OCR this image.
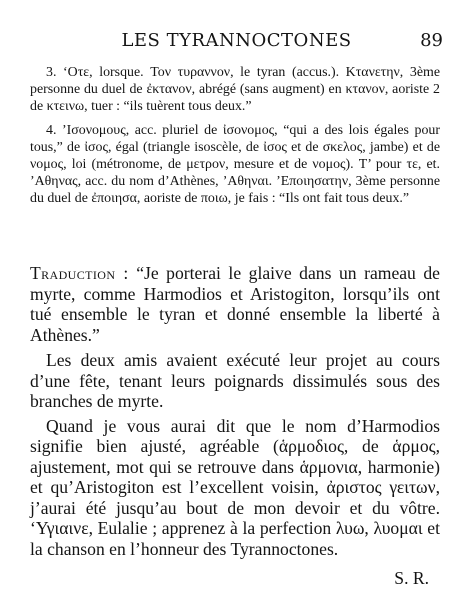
LES TYRANNOCTONES	89

3. ‘Οτε, lorsque. Τον τυραννον, le tyran (accus.). Κτανετην, 3ème personne du duel de ἐκτανον, abrégé (sans augment) en κτανον, aoriste 2 de κτεινω, tuer : “ils tuèrent tous deux.”

4. ’Ισονομους, acc. pluriel de ἰσονομος, “qui a des lois égales pour tous,” de ἰσος, égal (triangle isoscèle, de ἰσος et de σκελος, jambe) et de νομος, loi (métronome, de μετρον, mesure et de νομος). Τ’ pour τε, et. ’Αθηνας, acc. du nom d’Athènes, ’Αθηναι. ’Εποιησατην, 3ème personne du duel de ἐποιησα, aoriste de ποιω, je fais : “Ils ont fait tous deux.”

Traduction : “Je porterai le glaive dans un rameau de myrte, comme Harmodios et Aristogiton, lorsqu’ils ont tué ensemble le tyran et donné ensemble la liberté à Athènes.”

Les deux amis avaient exécuté leur projet au cours d’une fête, tenant leurs poignards dissimulés sous des branches de myrte.

Quand je vous aurai dit que le nom d’Harmodios signifie bien ajusté, agréable (ἁρμοδιος, de ἁρμος, ajustement, mot qui se retrouve dans ἁρμονια, harmonie) et qu’Aristogiton est l’excellent voisin, ἀριστος γειτων, j’aurai été jusqu’au bout de mon devoir et du vôtre. ‘Υγιαινε, Eulalie ; apprenez à la perfection λυω, λυομαι et la chanson en l’honneur des Tyrannoctones.

S. R.
